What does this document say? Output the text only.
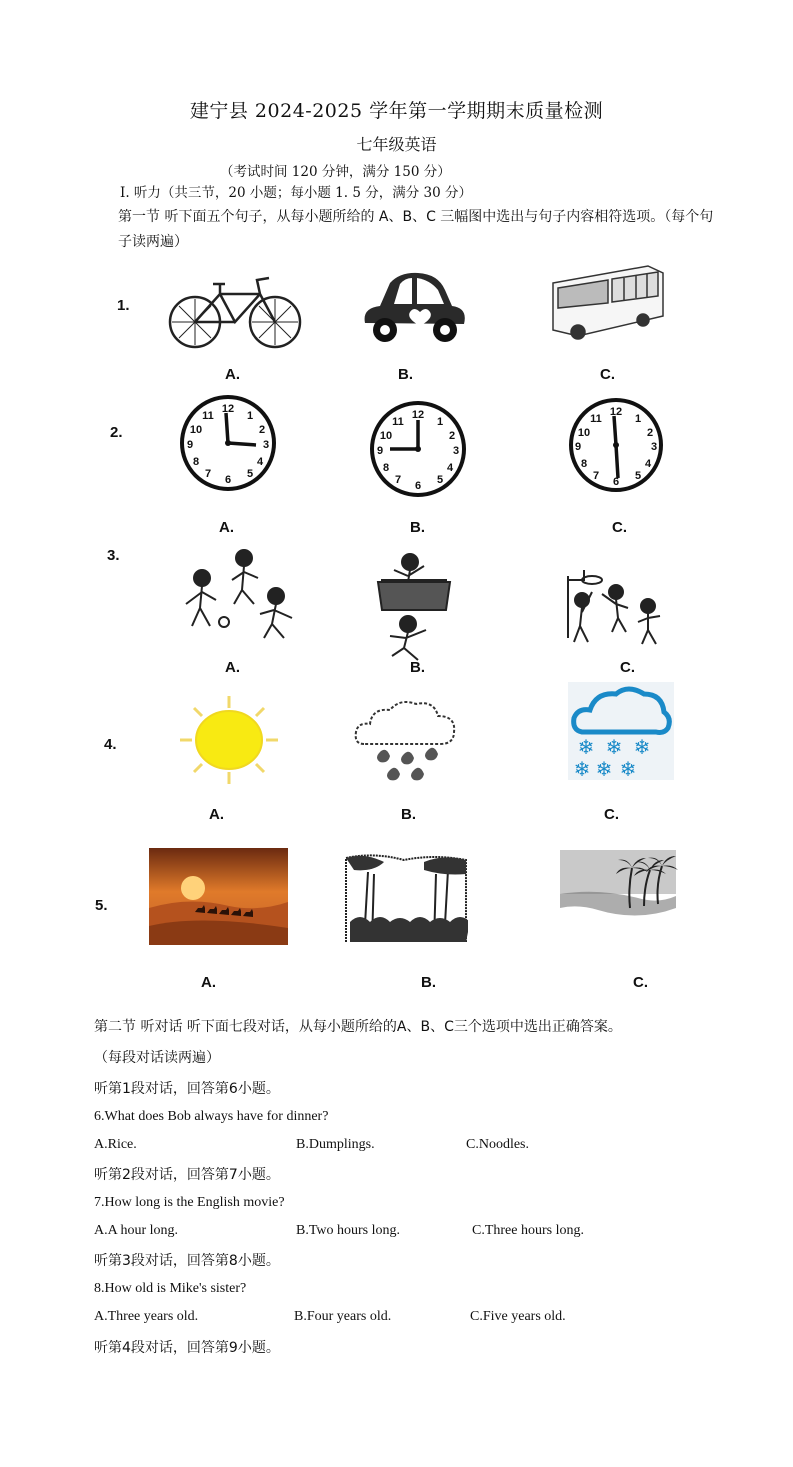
建宁县 2024-2025 学年第一学期期末质量检测
七年级英语
（考试时间 120 分钟，满分 150 分）
I. 听力（共三节，20 小题；每小题 1. 5 分，满分 30 分）
第一节 听下面五个句子，从每小题所给的 A、B、C 三幅图中选出与句子内容相符选项。（每个句子读两遍）
1.
A.	B.	C.
2.
12
1
2
3
4
5
6
7
8
9
10
11	12
1
2
3
4
5
6
7
8
9
10
11
12
1
2
3
4
5
6
7
8
9
10
11
A.	B.	C.
3.
A.	B.	C.
4.	❄ ❄ ❄
❄ ❄ ❄
A.	B.	C.
5.
A.	B.	C.
第二节 听对话 听下面七段对话，从每小题所给的A、B、C三个选项中选出正确答案。
（每段对话读两遍）
听第1段对话，回答第6小题。
6.What does Bob always have for dinner?
A.Rice.	B.Dumplings.	C.Noodles.
听第2段对话，回答第7小题。
7.How long is the English movie?
A.A hour long.	B.Two hours long.	C.Three hours long.
听第3段对话，回答第8小题。
8.How old is Mike's sister?
A.Three years old.	B.Four years old.	C.Five years old.
听第4段对话，回答第9小题。
